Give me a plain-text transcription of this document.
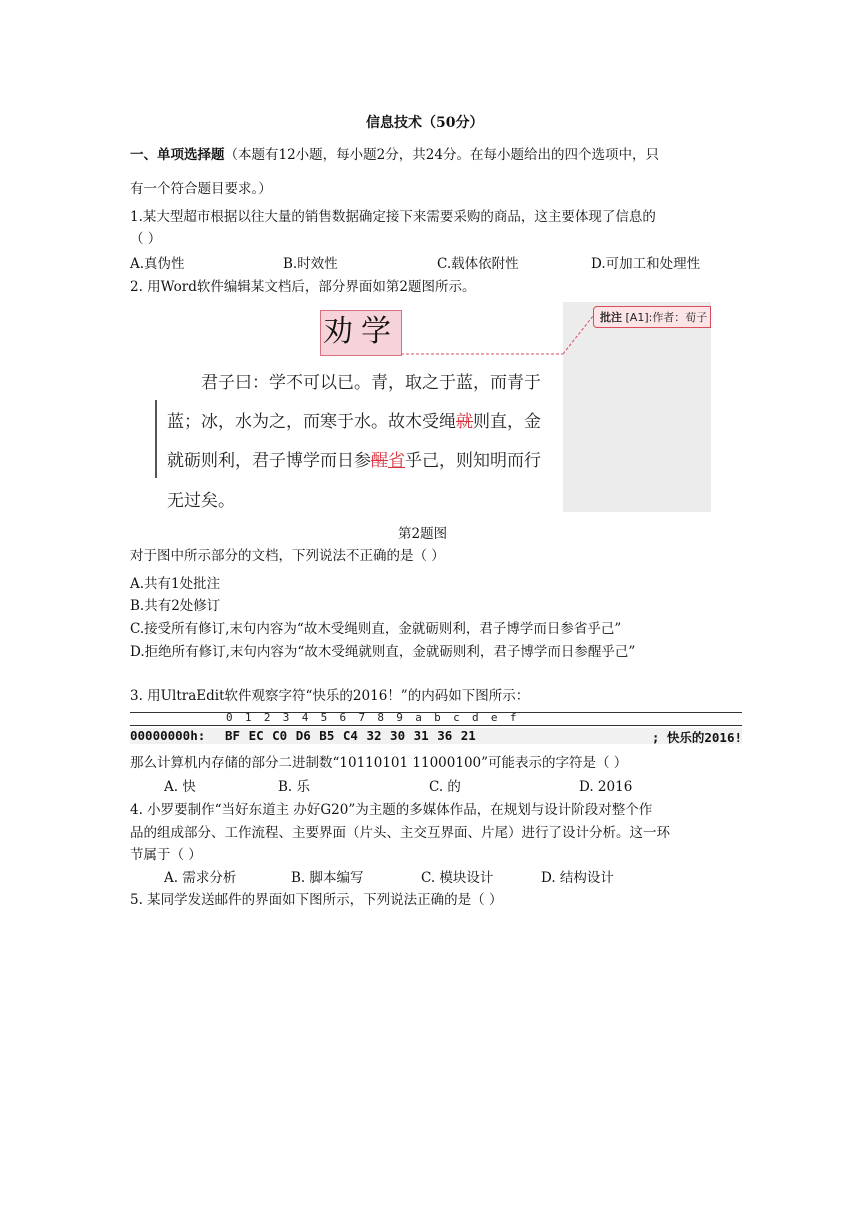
信息技术（50分）
一、单项选择题（本题有12小题，每小题2分，共24分。在每小题给出的四个选项中，只
有一个符合题目要求。）
1.某大型超市根据以往大量的销售数据确定接下来需要采购的商品，这主要体现了信息的
（ ）
A.真伪性	B.时效性	C.载体依附性	D.可加工和处理性
2. 用Word软件编辑某文档后，部分界面如第2题图所示。
劝学	批注 [A1]:作者：荀子
君子曰：学不可以已。青，取之于蓝，而青于
蓝；冰，水为之，而寒于水。故木受绳就则直，金
就砺则利，君子博学而日参醒省乎己，则知明而行
无过矣。
第2题图
对于图中所示部分的文档，下列说法不正确的是（ ）
A.共有1处批注
B.共有2处修订
C.接受所有修订,末句内容为“故木受绳则直，金就砺则利，君子博学而日参省乎己”
D.拒绝所有修订,末句内容为“故木受绳就则直，金就砺则利，君子博学而日参醒乎己”
3. 用UltraEdit软件观察字符“快乐的2016！”的内码如下图所示：
0123456789abcdef
00000000h: BF EC C0 D6 B5 C4 32 30 31 36 21	; 快乐的2016!
那么计算机内存储的部分二进制数“10110101 11000100”可能表示的字符是（ ）
A. 快	B. 乐	C. 的	D. 2016
4. 小罗要制作“当好东道主 办好G20”为主题的多媒体作品，在规划与设计阶段对整个作
品的组成部分、工作流程、主要界面（片头、主交互界面、片尾）进行了设计分析。这一环
节属于（ ）
A. 需求分析	B. 脚本编写	C. 模块设计	D. 结构设计
5. 某同学发送邮件的界面如下图所示，下列说法正确的是（ ）
